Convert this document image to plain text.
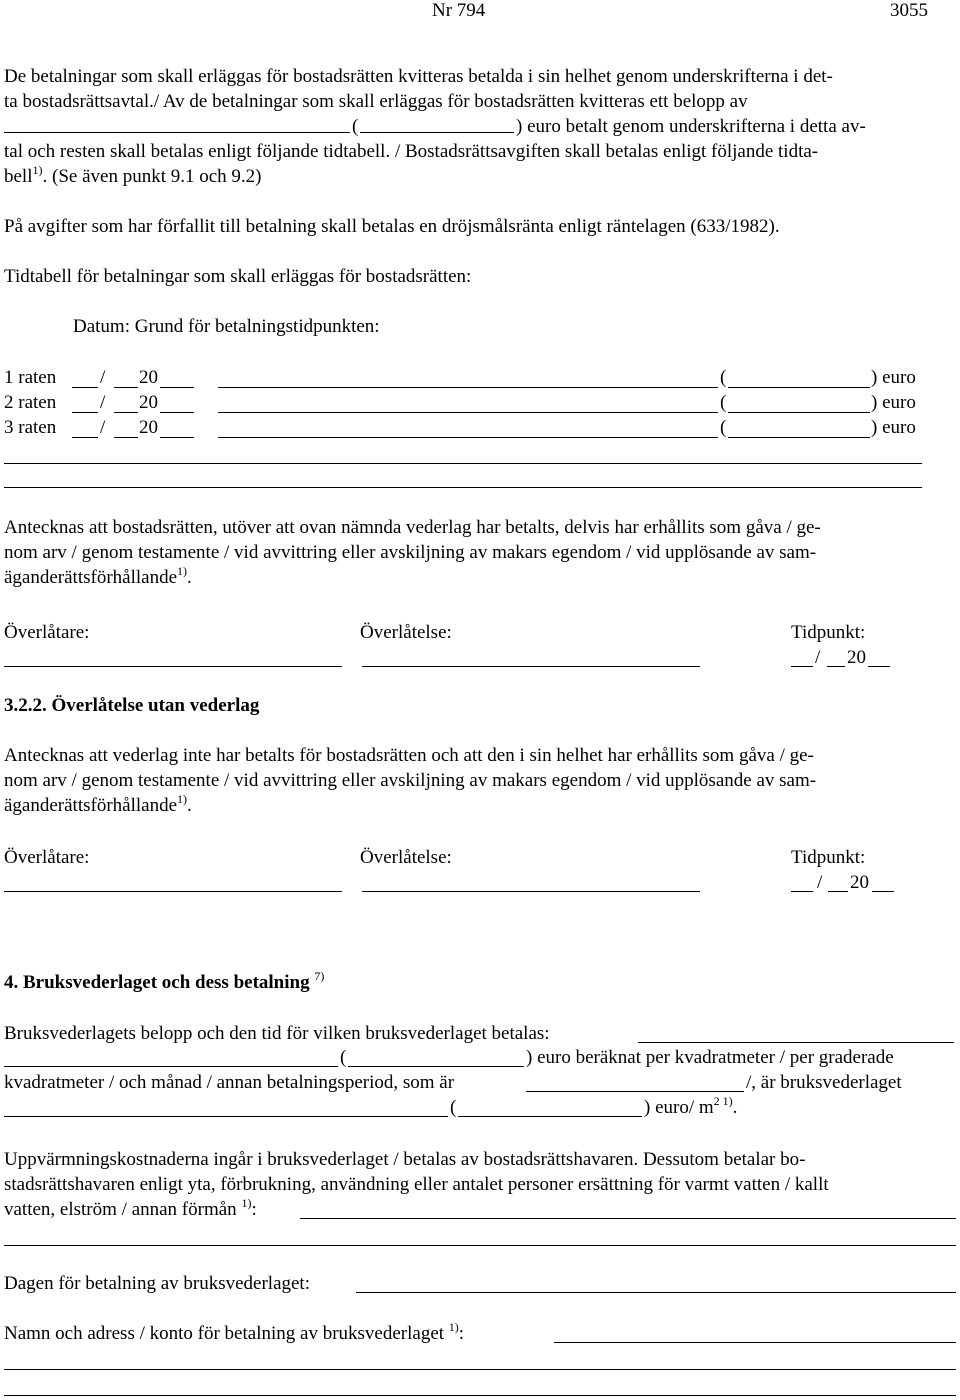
Nr 794	3055
De betalningar som skall erläggas för bostadsrätten kvitteras betalda i sin helhet genom underskrifterna i det-
ta bostadsrättsavtal./ Av de betalningar som skall erläggas för bostadsrätten kvitteras ett belopp av
(	) euro betalt genom underskrifterna i detta av-
tal och resten skall betalas enligt följande tidtabell. / Bostadsrättsavgiften skall betalas enligt följande tidta-
bell$^{1)}$. (Se även punkt 9.1 och 9.2)
På avgifter som har förfallit till betalning skall betalas en dröjsmålsränta enligt räntelagen (633/1982).
Tidtabell för betalningar som skall erläggas för bostadsrätten:
Datum: Grund för betalningstidpunkten:
1 raten / 20	(	) euro
2 raten / 20	(	) euro
3 raten / 20	(	) euro
Antecknas att bostadsrätten, utöver att ovan nämnda vederlag har betalts, delvis har erhållits som gåva / ge-
nom arv / genom testamente / vid avvittring eller avskiljning av makars egendom / vid upplösande av sam-
äganderättsförhållande$^{1)}$.
Överlåtare:	Överlåtelse:	Tidpunkt:
/ 20
3.2.2. Överlåtelse utan vederlag
Antecknas att vederlag inte har betalts för bostadsrätten och att den i sin helhet har erhållits som gåva / ge-
nom arv / genom testamente / vid avvittring eller avskiljning av makars egendom / vid upplösande av sam-
äganderättsförhållande$^{1)}$.
Överlåtare:	Överlåtelse:	Tidpunkt:
/ 20
4. Bruksvederlaget och dess betalning $^{7)}$
Bruksvederlagets belopp och den tid för vilken bruksvederlaget betalas:
(	) euro beräknat per kvadratmeter / per graderade
kvadratmeter / och månad / annan betalningsperiod, som är	/, är bruksvederlaget
(	) euro/ $m^{2 1)}$.
Uppvärmningskostnaderna ingår i bruksvederlaget / betalas av bostadsrättshavaren. Dessutom betalar bo-
stadsrättshavaren enligt yta, förbrukning, användning eller antalet personer ersättning för varmt vatten / kallt
vatten, elström / annan förmån $^{1)}$:
Dagen för betalning av bruksvederlaget:
Namn och adress / konto för betalning av bruksvederlaget $^{1)}$:
